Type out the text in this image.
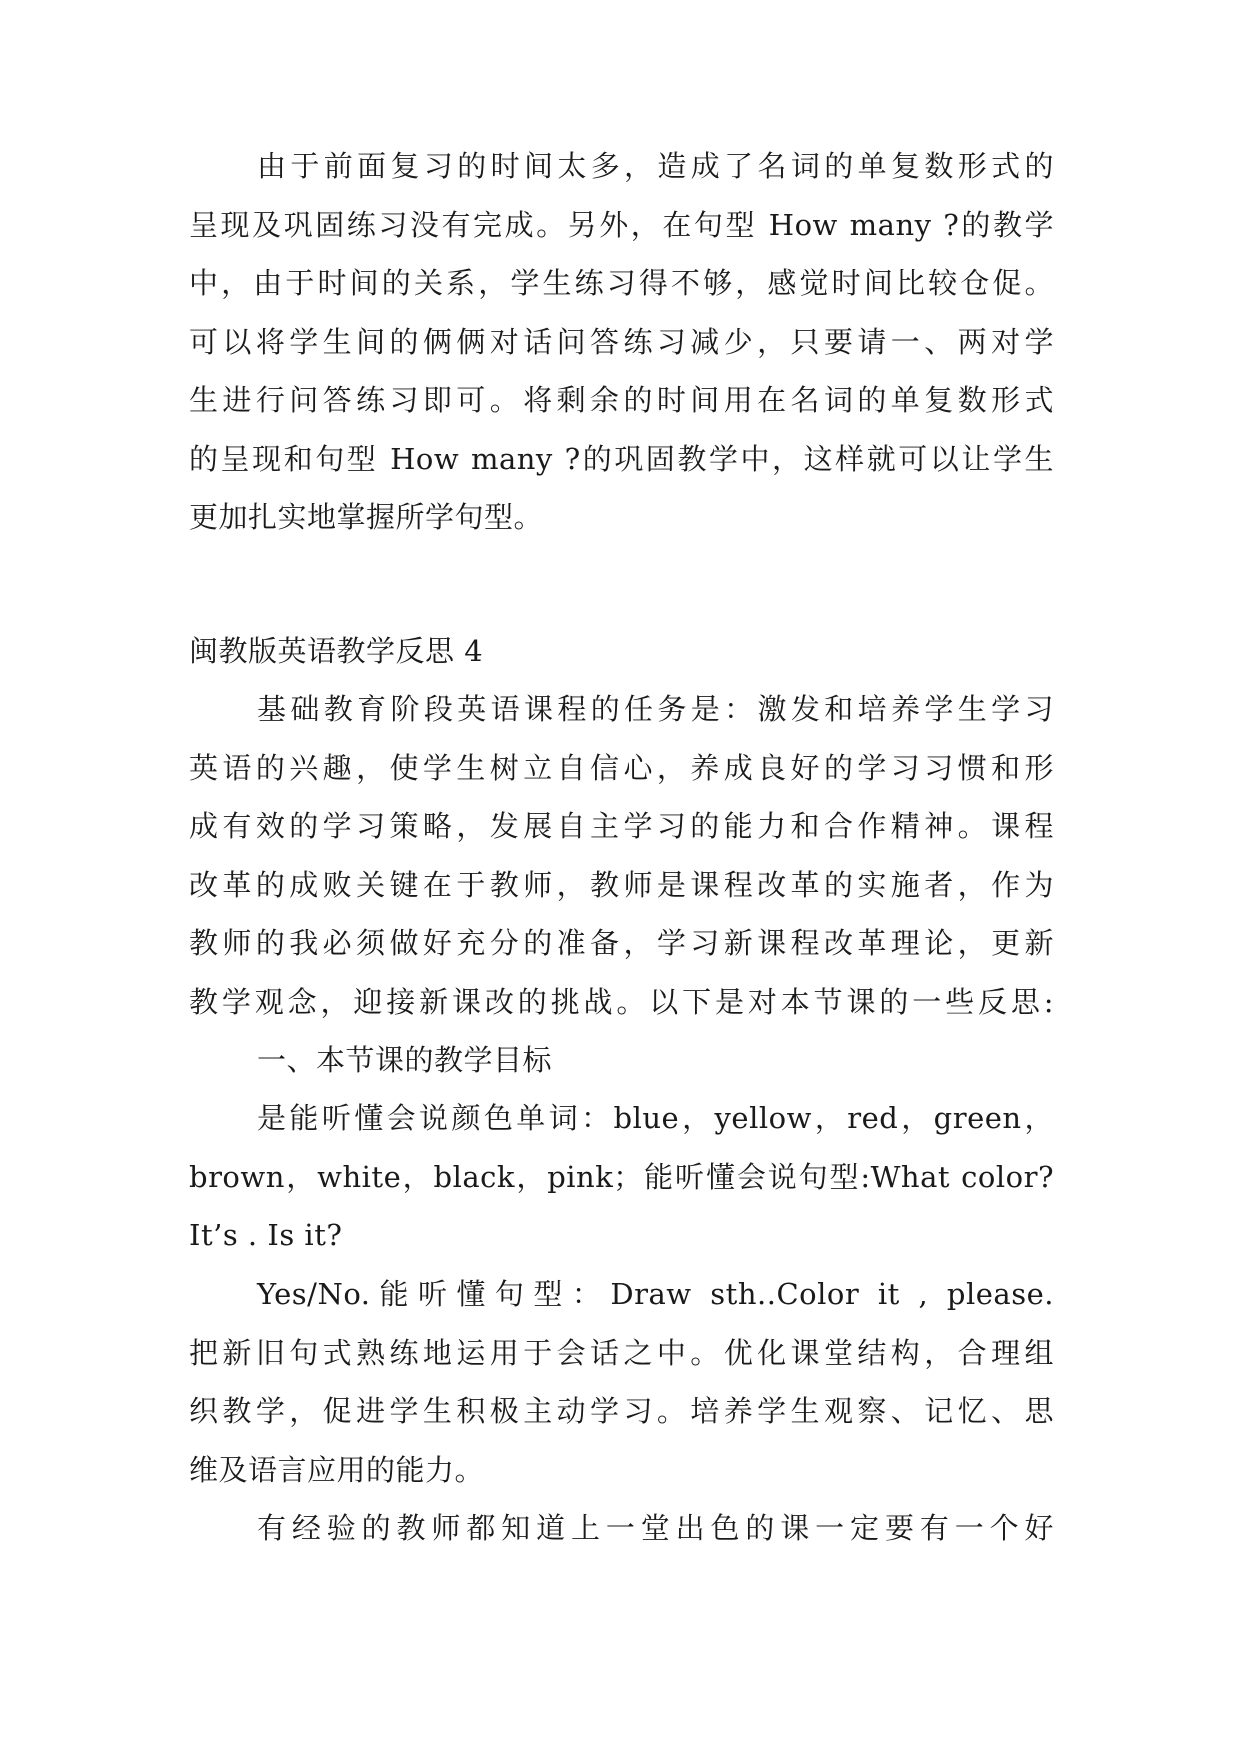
由于前面复习的时间太多，造成了名词的单复数形式的
呈现及巩固练习没有完成。另外，在句型 How many ?的教学
中，由于时间的关系，学生练习得不够，感觉时间比较仓促。
可以将学生间的俩俩对话问答练习减少，只要请一、两对学
生进行问答练习即可。将剩余的时间用在名词的单复数形式
的呈现和句型 How many ?的巩固教学中，这样就可以让学生
更加扎实地掌握所学句型。
闽教版英语教学反思 4
基础教育阶段英语课程的任务是：激发和培养学生学习
英语的兴趣，使学生树立自信心，养成良好的学习习惯和形
成有效的学习策略，发展自主学习的能力和合作精神。课程
改革的成败关键在于教师，教师是课程改革的实施者，作为
教师的我必须做好充分的准备，学习新课程改革理论，更新
教学观念，迎接新课改的挑战。以下是对本节课的一些反思:
一、本节课的教学目标
是能听懂会说颜色单词：blue，yellow，red，green，
brown，white，black，pink；能听懂会说句型:What color?
It’s . Is it?
Yes/No.能听懂句型：Draw sth..Color it , please.
把新旧句式熟练地运用于会话之中。优化课堂结构，合理组
织教学，促进学生积极主动学习。培养学生观察、记忆、思
维及语言应用的能力。
有经验的教师都知道上一堂出色的课一定要有一个好
